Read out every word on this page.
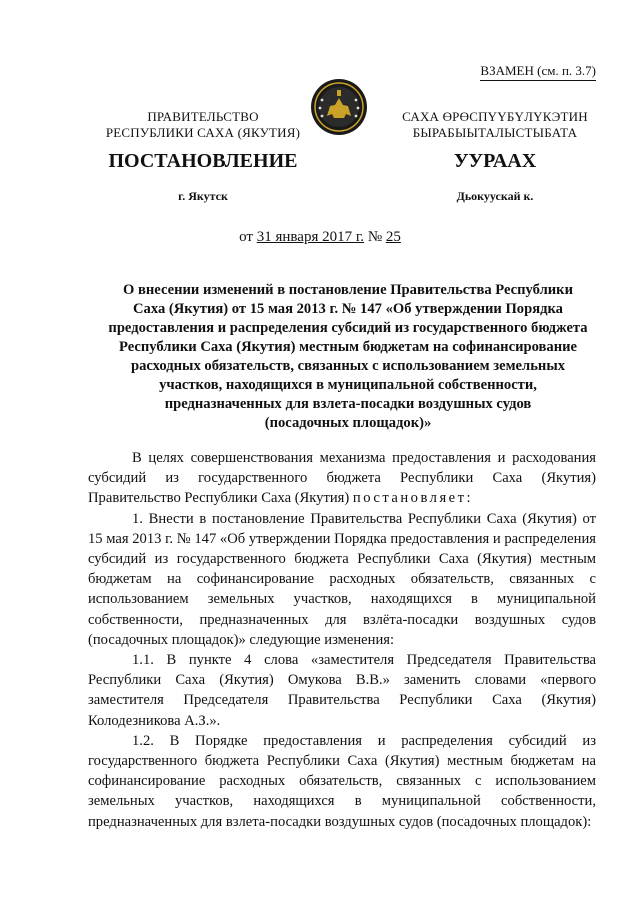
ВЗАМЕН (см. п. 3.7)
ПРАВИТЕЛЬСТВО
РЕСПУБЛИКИ САХА (ЯКУТИЯ)
САХА ӨРӨСПҮҮБҮЛҮКЭТИН
БЫРАБЫЫТАЛЫСТЫБАТА
ПОСТАНОВЛЕНИЕ	УУРААХ
г. Якутск	Дьокуускай к.
от 31 января 2017 г. № 25
О внесении изменений в постановление Правительства Республики
Саха (Якутия) от 15 мая 2013 г. № 147 «Об утверждении Порядка
предоставления и распределения субсидий из государственного бюджета
Республики Саха (Якутия) местным бюджетам на софинансирование
расходных обязательств, связанных с использованием земельных
участков, находящихся в муниципальной собственности,
предназначенных для взлета-посадки воздушных судов
(посадочных площадок)»

В целях совершенствования механизма предоставления и расходования субсидий из государственного бюджета Республики Саха (Якутия) Правительство Республики Саха (Якутия) постановляет:

1. Внести в постановление Правительства Республики Саха (Якутия) от 15 мая 2013 г. № 147 «Об утверждении Порядка предоставления и распределения субсидий из государственного бюджета Республики Саха (Якутия) местным бюджетам на софинансирование расходных обязательств, связанных с использованием земельных участков, находящихся в муниципальной собственности, предназначенных для взлёта-посадки воздушных судов (посадочных площадок)» следующие изменения:

1.1. В пункте 4 слова «заместителя Председателя Правительства Республики Саха (Якутия) Омукова В.В.» заменить словами «первого заместителя Председателя Правительства Республики Саха (Якутия) Колодезникова А.З.».

1.2. В Порядке предоставления и распределения субсидий из государственного бюджета Республики Саха (Якутия) местным бюджетам на софинансирование расходных обязательств, связанных с использованием земельных участков, находящихся в муниципальной собственности, предназначенных для взлета-посадки воздушных судов (посадочных площадок):
